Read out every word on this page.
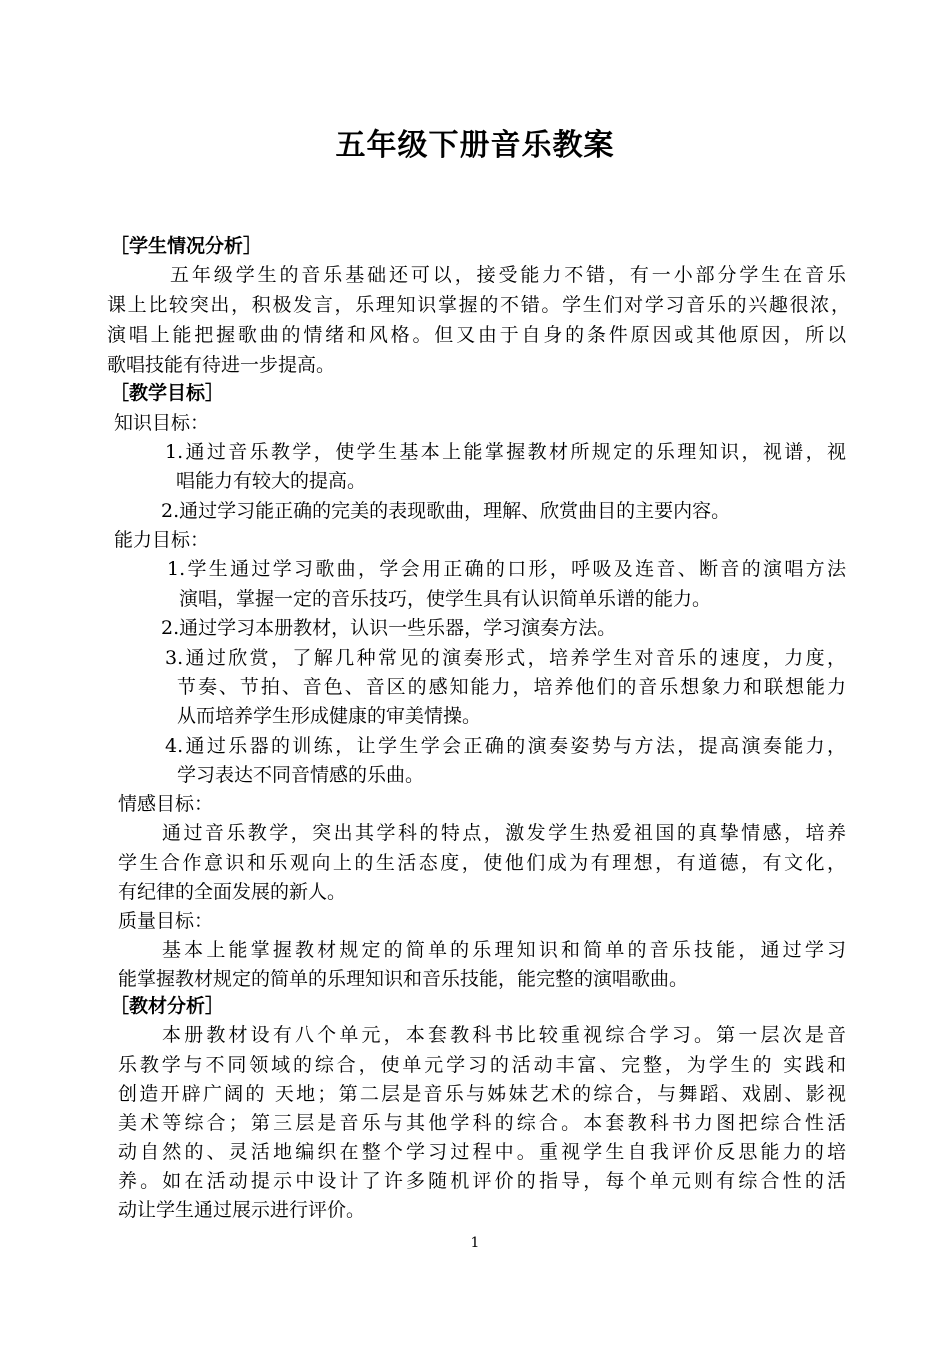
五年级下册音乐教案
［学生情况分析］
五年级学生的音乐基础还可以，接受能力不错，有一小部分学生在音乐
课上比较突出，积极发言，乐理知识掌握的不错。学生们对学习音乐的兴趣很浓，
演唱上能把握歌曲的情绪和风格。但又由于自身的条件原因或其他原因，所以
歌唱技能有待进一步提高。
［教学目标］
知识目标：
1.通过音乐教学，使学生基本上能掌握教材所规定的乐理知识，视谱，视
唱能力有较大的提高。
2.通过学习能正确的完美的表现歌曲，理解、欣赏曲目的主要内容。
能力目标：
1.学生通过学习歌曲，学会用正确的口形，呼吸及连音、断音的演唱方法
演唱，掌握一定的音乐技巧，使学生具有认识简单乐谱的能力。
2.通过学习本册教材，认识一些乐器，学习演奏方法。
3.通过欣赏，了解几种常见的演奏形式，培养学生对音乐的速度，力度，
节奏、节拍、音色、音区的感知能力，培养他们的音乐想象力和联想能力
从而培养学生形成健康的审美情操。
4.通过乐器的训练，让学生学会正确的演奏姿势与方法，提高演奏能力，
学习表达不同音情感的乐曲。
情感目标：
通过音乐教学，突出其学科的特点，激发学生热爱祖国的真挚情感，培养
学生合作意识和乐观向上的生活态度，使他们成为有理想，有道德，有文化，
有纪律的全面发展的新人。
质量目标：
基本上能掌握教材规定的简单的乐理知识和简单的音乐技能，通过学习
能掌握教材规定的简单的乐理知识和音乐技能，能完整的演唱歌曲。
［教材分析］
本册教材设有八个单元，本套教科书比较重视综合学习。第一层次是音
乐教学与不同领域的综合，使单元学习的活动丰富、完整，为学生的 实践和
创造开辟广阔的 天地；第二层是音乐与姊妹艺术的综合，与舞蹈、戏剧、影视
美术等综合；第三层是音乐与其他学科的综合。本套教科书力图把综合性活
动自然的、灵活地编织在整个学习过程中。重视学生自我评价反思能力的培
养。如在活动提示中设计了许多随机评价的指导，每个单元则有综合性的活
动让学生通过展示进行评价。
1
